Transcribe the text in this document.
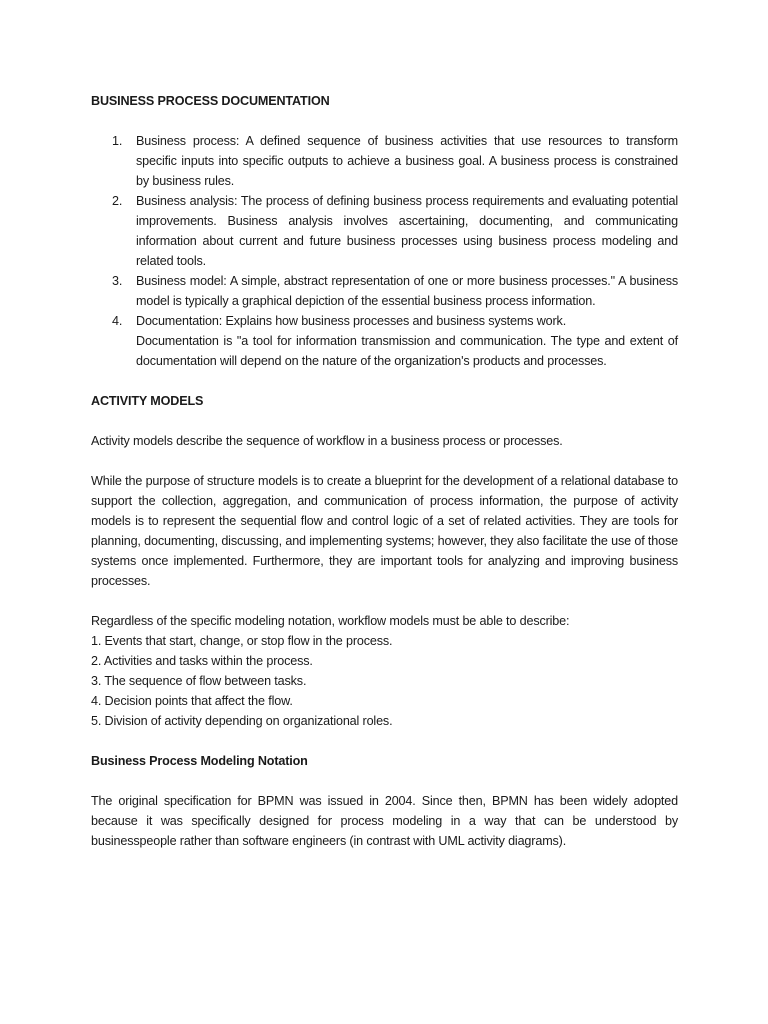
BUSINESS PROCESS DOCUMENTATION
1. Business process: A defined sequence of business activities that use resources to transform specific inputs into specific outputs to achieve a business goal. A business process is constrained by business rules.
2. Business analysis: The process of defining business process requirements and evaluating potential improvements. Business analysis involves ascertaining, documenting, and communicating information about current and future business processes using business process modeling and related tools.
3. Business model: A simple, abstract representation of one or more business processes." A business model is typically a graphical depiction of the essential business process information.
4. Documentation: Explains how business processes and business systems work.
Documentation is "a tool for information transmission and communication. The type and extent of documentation will depend on the nature of the organization's products and processes.
ACTIVITY MODELS

Activity models describe the sequence of workflow in a business process or processes.

While the purpose of structure models is to create a blueprint for the development of a relational database to support the collection, aggregation, and communication of process information, the purpose of activity models is to represent the sequential flow and control logic of a set of related activities. They are tools for planning, documenting, discussing, and implementing systems; however, they also facilitate the use of those systems once implemented. Furthermore, they are important tools for analyzing and improving business processes.

Regardless of the specific modeling notation, workflow models must be able to describe:
1. Events that start, change, or stop flow in the process.
2. Activities and tasks within the process.
3. The sequence of flow between tasks.
4. Decision points that affect the flow.
5. Division of activity depending on organizational roles.
Business Process Modeling Notation

The original specification for BPMN was issued in 2004. Since then, BPMN has been widely adopted because it was specifically designed for process modeling in a way that can be understood by businesspeople rather than software engineers (in contrast with UML activity diagrams).
